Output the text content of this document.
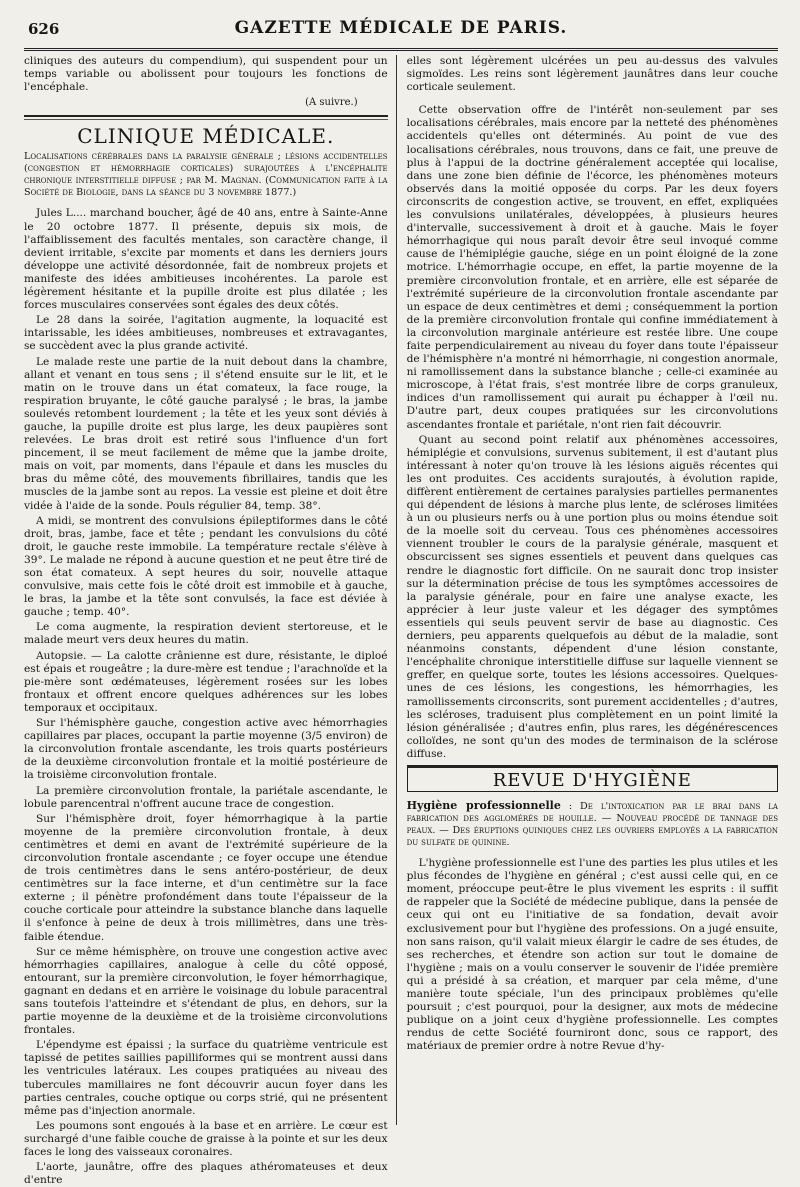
626	GAZETTE MÉDICALE DE PARIS.

cliniques des auteurs du compendium), qui suspendent pour un temps variable ou abolissent pour toujours les fonctions de l'encéphale.

(A suivre.)
CLINIQUE MÉDICALE.
Localisations cérébrales dans la paralysie générale ; lésions accidentelles (congestion et hémorrhagie corticales) surajoutées à l'encéphalite chronique interstitielle diffuse ; par M. Magnan. (Communication faite à la Société de Biologie, dans la séance du 3 novembre 1877.)

Jules L.... marchand boucher, âgé de 40 ans, entre à Sainte-Anne le 20 octobre 1877. Il présente, depuis six mois, de l'affaiblissement des facultés mentales, son caractère change, il devient irritable, s'excite par moments et dans les derniers jours développe une activité désordonnée, fait de nombreux projets et manifeste des idées ambitieuses incohérentes. La parole est légèrement hésitante et la pupille droite est plus dilatée ; les forces musculaires conservées sont égales des deux côtés.

Le 28 dans la soirée, l'agitation augmente, la loquacité est intarissable, les idées ambitieuses, nombreuses et extravagantes, se succèdent avec la plus grande activité.

Le malade reste une partie de la nuit debout dans la chambre, allant et venant en tous sens ; il s'étend ensuite sur le lit, et le matin on le trouve dans un état comateux, la face rouge, la respiration bruyante, le côté gauche paralysé ; le bras, la jambe soulevés retombent lourdement ; la tête et les yeux sont déviés à gauche, la pupille droite est plus large, les deux paupières sont relevées. Le bras droit est retiré sous l'influence d'un fort pincement, il se meut facilement de même que la jambe droite, mais on voit, par moments, dans l'épaule et dans les muscles du bras du même côté, des mouvements fibrillaires, tandis que les muscles de la jambe sont au repos. La vessie est pleine et doit être vidée à l'aide de la sonde. Pouls régulier 84, temp. 38°.

A midi, se montrent des convulsions épileptiformes dans le côté droit, bras, jambe, face et tête ; pendant les convulsions du côté droit, le gauche reste immobile. La température rectale s'élève à 39°. Le malade ne répond à aucune question et ne peut être tiré de son état comateux. A sept heures du soir, nouvelle attaque convulsive, mais cette fois le côté droit est immobile et à gauche, le bras, la jambe et la tête sont convulsés, la face est déviée à gauche ; temp. 40°.

Le coma augmente, la respiration devient stertoreuse, et le malade meurt vers deux heures du matin.

Autopsie. — La calotte crânienne est dure, résistante, le diploé est épais et rougeâtre ; la dure-mère est tendue ; l'arachnoïde et la pie-mère sont œdémateuses, légèrement rosées sur les lobes frontaux et offrent encore quelques adhérences sur les lobes temporaux et occipitaux.

Sur l'hémisphère gauche, congestion active avec hémorrhagies capillaires par places, occupant la partie moyenne (3/5 environ) de la circonvolution frontale ascendante, les trois quarts postérieurs de la deuxième circonvolution frontale et la moitié postérieure de la troisième circonvolution frontale.

La première circonvolution frontale, la pariétale ascendante, le lobule parencentral n'offrent aucune trace de congestion.

Sur l'hémisphère droit, foyer hémorrhagique à la partie moyenne de la première circonvolution frontale, à deux centimètres et demi en avant de l'extrémité supérieure de la circonvolution frontale ascendante ; ce foyer occupe une étendue de trois centimètres dans le sens antéro-postérieur, de deux centimètres sur la face interne, et d'un centimètre sur la face externe ; il pénètre profondément dans toute l'épaisseur de la couche corticale pour atteindre la substance blanche dans laquelle il s'enfonce à peine de deux à trois millimètres, dans une très-faible étendue.

Sur ce même hémisphère, on trouve une congestion active avec hémorrhagies capillaires, analogue à celle du côté opposé, entourant, sur la première circonvolution, le foyer hémorrhagique, gagnant en dedans et en arrière le voisinage du lobule paracentral sans toutefois l'atteindre et s'étendant de plus, en dehors, sur la partie moyenne de la deuxième et de la troisième circonvolutions frontales.

L'épendyme est épaissi ; la surface du quatrième ventricule est tapissé de petites saillies papilliformes qui se montrent aussi dans les ventricules latéraux. Les coupes pratiquées au niveau des tubercules mamillaires ne font découvrir aucun foyer dans les parties centrales, couche optique ou corps strié, qui ne présentent même pas d'injection anormale.

Les poumons sont engoués à la base et en arrière. Le cœur est surchargé d'une faible couche de graisse à la pointe et sur les deux faces le long des vaisseaux coronaires.

L'aorte, jaunâtre, offre des plaques athéromateuses et deux d'entre

elles sont légèrement ulcérées un peu au-dessus des valvules sigmoïdes. Les reins sont légèrement jaunâtres dans leur couche corticale seulement.

Cette observation offre de l'intérêt non-seulement par ses localisations cérébrales, mais encore par la netteté des phénomènes accidentels qu'elles ont déterminés. Au point de vue des localisations cérébrales, nous trouvons, dans ce fait, une preuve de plus à l'appui de la doctrine généralement acceptée qui localise, dans une zone bien définie de l'écorce, les phénomènes moteurs observés dans la moitié opposée du corps. Par les deux foyers circonscrits de congestion active, se trouvent, en effet, expliquées les convulsions unilatérales, développées, à plusieurs heures d'intervalle, successivement à droit et à gauche. Mais le foyer hémorrhagique qui nous paraît devoir être seul invoqué comme cause de l'hémiplégie gauche, siége en un point éloigné de la zone motrice. L'hémorrhagie occupe, en effet, la partie moyenne de la première circonvolution frontale, et en arrière, elle est séparée de l'extrémité supérieure de la circonvolution frontale ascendante par un espace de deux centimètres et demi ; conséquemment la portion de la première circonvolution frontale qui confine immédiatement à la circonvolution marginale antérieure est restée libre. Une coupe faite perpendiculairement au niveau du foyer dans toute l'épaisseur de l'hémisphère n'a montré ni hémorrhagie, ni congestion anormale, ni ramollissement dans la substance blanche ; celle-ci examinée au microscope, à l'état frais, s'est montrée libre de corps granuleux, indices d'un ramollissement qui aurait pu échapper à l'œil nu. D'autre part, deux coupes pratiquées sur les circonvolutions ascendantes frontale et pariétale, n'ont rien fait découvrir.

Quant au second point relatif aux phénomènes accessoires, hémiplégie et convulsions, survenus subitement, il est d'autant plus intéressant à noter qu'on trouve là les lésions aiguës récentes qui les ont produites. Ces accidents surajoutés, à évolution rapide, diffèrent entièrement de certaines paralysies partielles permanentes qui dépendent de lésions à marche plus lente, de scléroses limitées à un ou plusieurs nerfs ou à une portion plus ou moins étendue soit de la moelle soit du cerveau. Tous ces phénomènes accessoires viennent troubler le cours de la paralysie générale, masquent et obscurcissent ses signes essentiels et peuvent dans quelques cas rendre le diagnostic fort difficile. On ne saurait donc trop insister sur la détermination précise de tous les symptômes accessoires de la paralysie générale, pour en faire une analyse exacte, les apprécier à leur juste valeur et les dégager des symptômes essentiels qui seuls peuvent servir de base au diagnostic. Ces derniers, peu apparents quelquefois au début de la maladie, sont néanmoins constants, dépendent d'une lésion constante, l'encéphalite chronique interstitielle diffuse sur laquelle viennent se greffer, en quelque sorte, toutes les lésions accessoires. Quelques-unes de ces lésions, les congestions, les hémorrhagies, les ramollissements circonscrits, sont purement accidentelles ; d'autres, les scléroses, traduisent plus complètement en un point limité la lésion généralisée ; d'autres enfin, plus rares, les dégénérescences colloïdes, ne sont qu'un des modes de terminaison de la sclérose diffuse.

REVUE D'HYGIÈNE
Hygiène professionnelle : De l'intoxication par le brai dans la fabrication des agglomérés de houille. — Nouveau procédé de tannage des peaux. — Des éruptions quiniques chez les ouvriers employés a la fabrication du sulfate de quinine.

L'hygiène professionnelle est l'une des parties les plus utiles et les plus fécondes de l'hygiène en général ; c'est aussi celle qui, en ce moment, préoccupe peut-être le plus vivement les esprits : il suffit de rappeler que la Société de médecine publique, dans la pensée de ceux qui ont eu l'initiative de sa fondation, devait avoir exclusivement pour but l'hygiène des professions. On a jugé ensuite, non sans raison, qu'il valait mieux élargir le cadre de ses études, de ses recherches, et étendre son action sur tout le domaine de l'hygiène ; mais on a voulu conserver le souvenir de l'idée première qui a présidé à sa création, et marquer par cela même, d'une manière toute spéciale, l'un des principaux problèmes qu'elle poursuit ; c'est pourquoi, pour la designer, aux mots de médecine publique on a joint ceux d'hygiène professionnelle. Les comptes rendus de cette Société fourniront donc, sous ce rapport, des matériaux de premier ordre à notre Revue d'hy-
